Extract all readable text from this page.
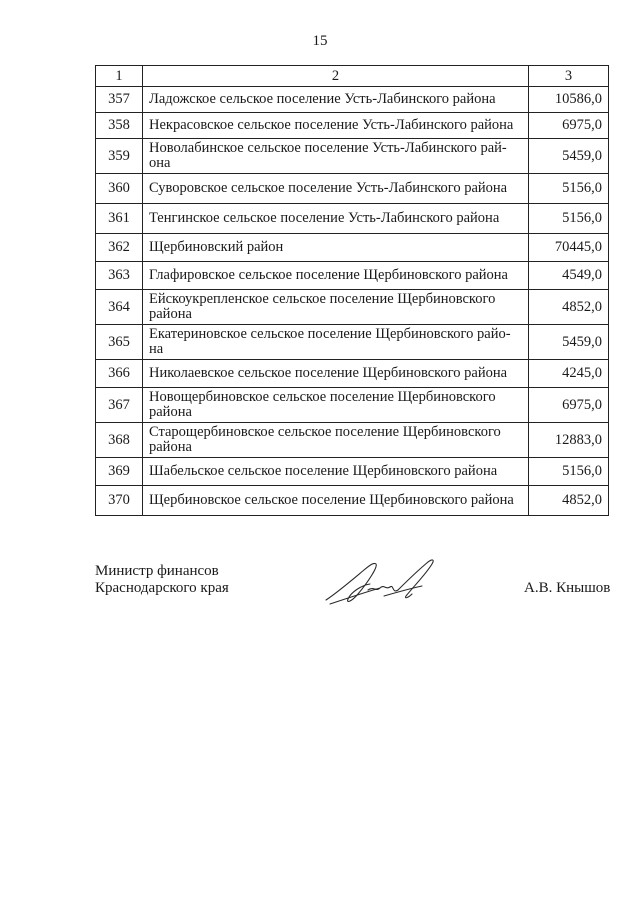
15
1	2	3
357	Ладожское сельское поселение Усть-Лабинского района	10586,0
358	Некрасовское сельское поселение Усть-Лабинского района	6975,0
359	Новолабинское сельское поселение Усть-Лабинского рай-она	5459,0
360	Суворовское сельское поселение Усть-Лабинского района	5156,0
361	Тенгинское сельское поселение Усть-Лабинского района	5156,0
362	Щербиновский район	70445,0
363	Глафировское сельское поселение Щербиновского района	4549,0
364	Ейскоукрепленское сельское поселение Щербиновского района	4852,0
365	Екатериновское сельское поселение Щербиновского райо-на	5459,0
366	Николаевское сельское поселение Щербиновского района	4245,0
367	Новощербиновское сельское поселение Щербиновского района	6975,0
368	Старощербиновское сельское поселение Щербиновского района	12883,0
369	Шабельское сельское поселение Щербиновского района	5156,0
370	Щербиновское сельское поселение Щербиновского района	4852,0
Министр финансов
Краснодарского края	А.В. Кнышов
